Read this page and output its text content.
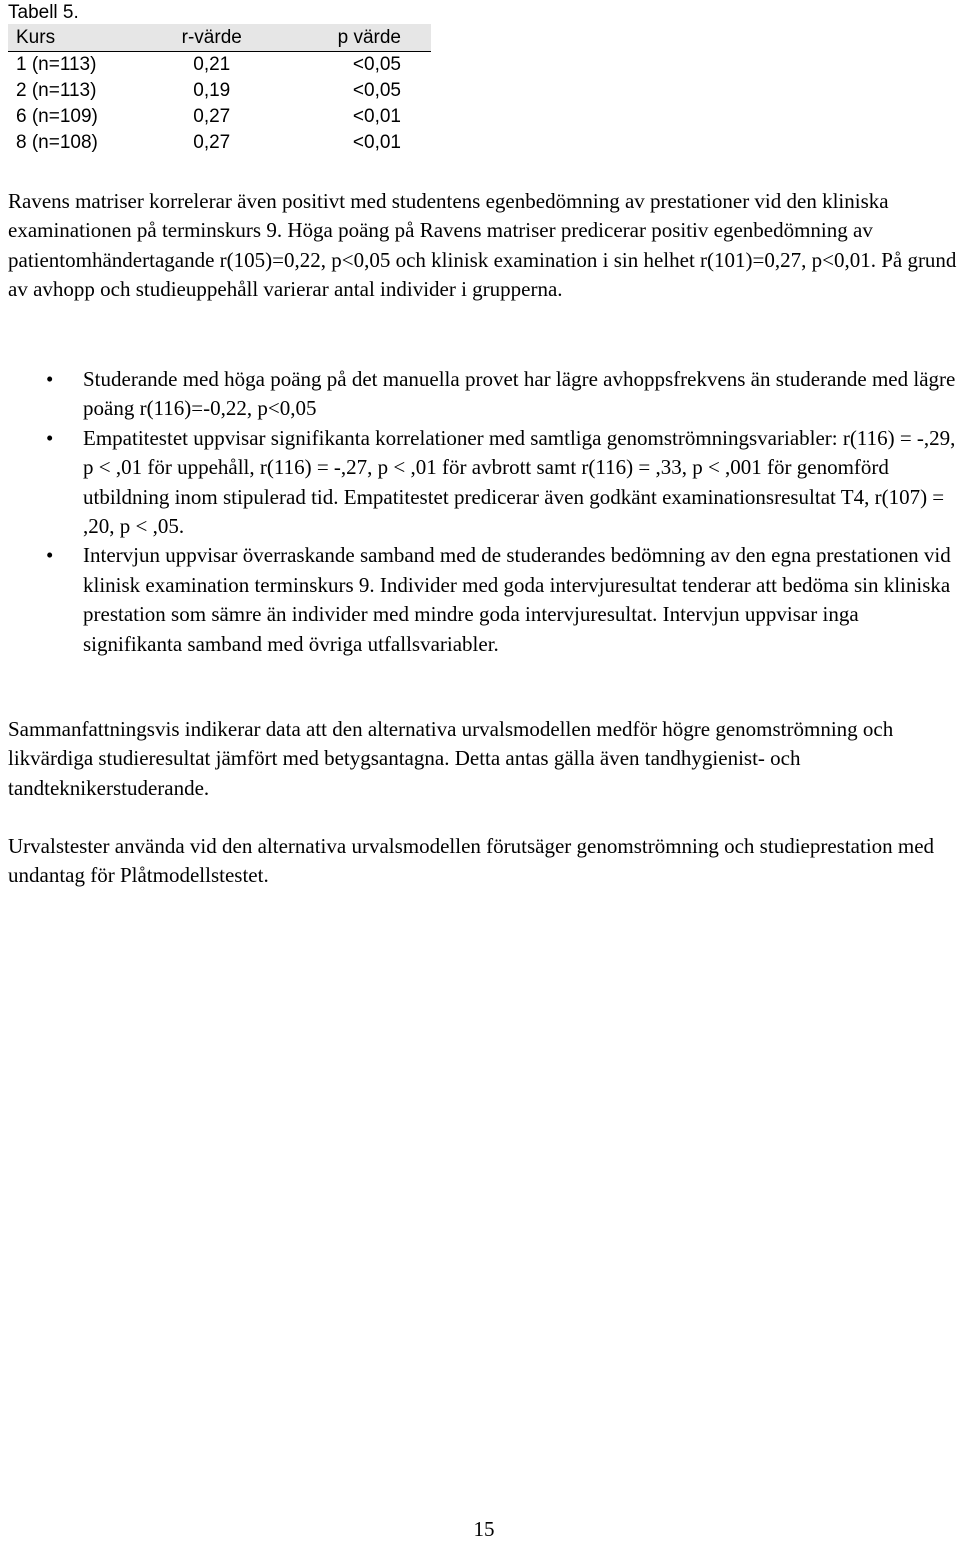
Tabell 5.
Kurs	r-värde	p värde
1 (n=113)	0,21	<0,05
2 (n=113)	0,19	<0,05
6 (n=109)	0,27	<0,01
8 (n=108)	0,27	<0,01

Ravens matriser korrelerar även positivt med studentens egenbedömning av prestationer vid den kliniska examinationen på terminskurs 9. Höga poäng på Ravens matriser predicerar positiv egenbedömning av patientomhändertagande r(105)=0,22, p<0,05 och klinisk examination i sin helhet r(101)=0,27, p<0,01. På grund av avhopp och studieuppehåll varierar antal individer i grupperna.

• Studerande med höga poäng på det manuella provet har lägre avhoppsfrekvens än studerande med lägre poäng r(116)=-0,22, p<0,05
• Empatitestet uppvisar signifikanta korrelationer med samtliga genomströmningsvariabler: r(116) = -,29, p < ,01 för uppehåll, r(116) = -,27, p < ,01 för avbrott samt r(116) = ,33, p < ,001 för genomförd utbildning inom stipulerad tid. Empatitestet predicerar även godkänt examinationsresultat T4, r(107) = ,20, p < ,05.
• Intervjun uppvisar överraskande samband med de studerandes bedömning av den egna prestationen vid klinisk examination terminskurs 9. Individer med goda intervjuresultat tenderar att bedöma sin kliniska prestation som sämre än individer med mindre goda intervjuresultat. Intervjun uppvisar inga signifikanta samband med övriga utfallsvariabler.

Sammanfattningsvis indikerar data att den alternativa urvalsmodellen medför högre genomströmning och likvärdiga studieresultat jämfört med betygsantagna. Detta antas gälla även tandhygienist- och tandteknikerstuderande.

Urvalstester använda vid den alternativa urvalsmodellen förutsäger genomströmning och studieprestation med undantag för Plåtmodellstestet.

15
